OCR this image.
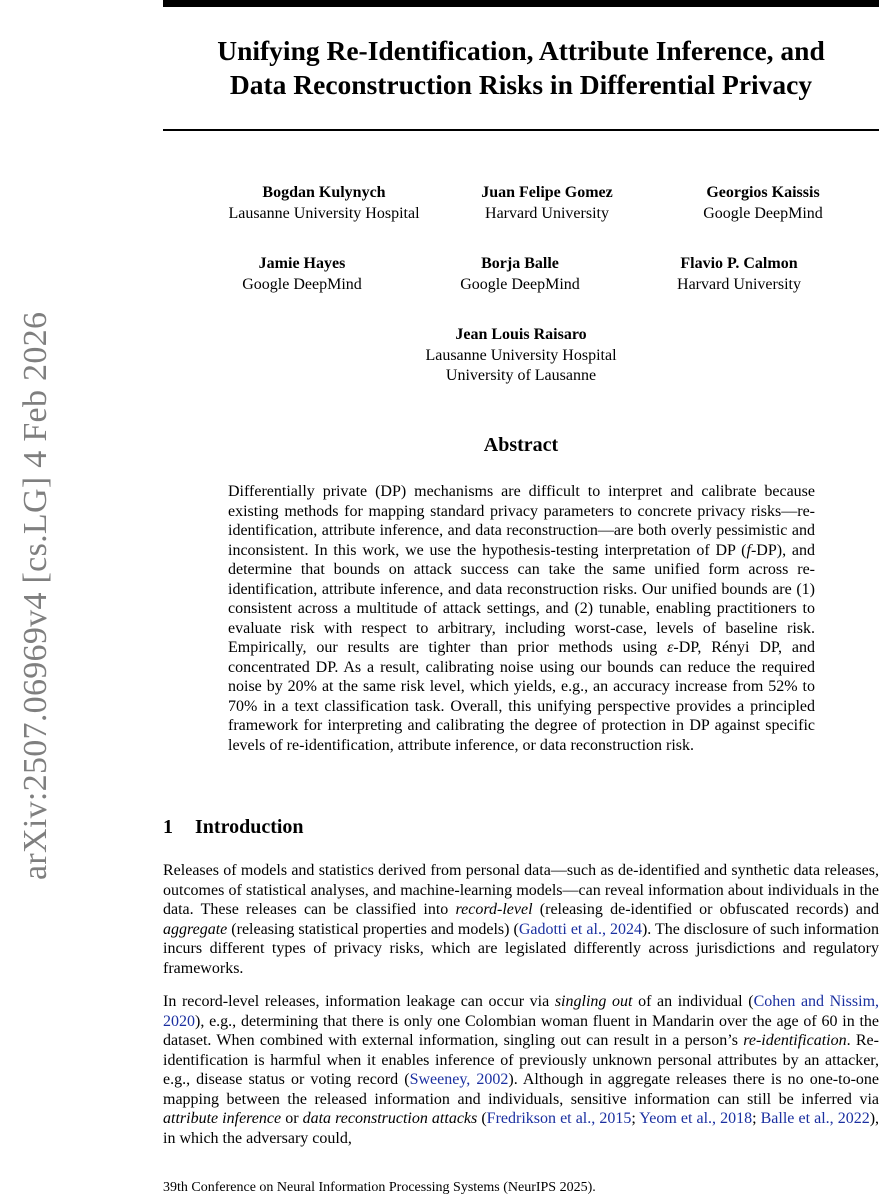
arXiv:2507.06969v4 [cs.LG] 4 Feb 2026
Unifying Re-Identification, Attribute Inference, and
Data Reconstruction Risks in Differential Privacy
Bogdan Kulynych
Lausanne University Hospital
Juan Felipe Gomez
Harvard University
Georgios Kaissis
Google DeepMind
Jamie Hayes
Google DeepMind
Borja Balle
Google DeepMind
Flavio P. Calmon
Harvard University
Jean Louis Raisaro
Lausanne University Hospital
University of Lausanne
Abstract
Differentially private (DP) mechanisms are difficult to interpret and calibrate because existing methods for mapping standard privacy parameters to concrete privacy risks—re-identification, attribute inference, and data reconstruction—are both overly pessimistic and inconsistent. In this work, we use the hypothesis-testing interpretation of DP (f-DP), and determine that bounds on attack success can take the same unified form across re-identification, attribute inference, and data reconstruction risks. Our unified bounds are (1) consistent across a multitude of attack settings, and (2) tunable, enabling practitioners to evaluate risk with respect to arbitrary, including worst-case, levels of baseline risk. Empirically, our results are tighter than prior methods using ε-DP, Rényi DP, and concentrated DP. As a result, calibrating noise using our bounds can reduce the required noise by 20% at the same risk level, which yields, e.g., an accuracy increase from 52% to 70% in a text classification task. Overall, this unifying perspective provides a principled framework for interpreting and calibrating the degree of protection in DP against specific levels of re-identification, attribute inference, or data reconstruction risk.
1 Introduction
Releases of models and statistics derived from personal data—such as de-identified and synthetic data releases, outcomes of statistical analyses, and machine-learning models—can reveal information about individuals in the data. These releases can be classified into record-level (releasing de-identified or obfuscated records) and aggregate (releasing statistical properties and models) (Gadotti et al., 2024). The disclosure of such information incurs different types of privacy risks, which are legislated differently across jurisdictions and regulatory frameworks.
In record-level releases, information leakage can occur via singling out of an individual (Cohen and Nissim, 2020), e.g., determining that there is only one Colombian woman fluent in Mandarin over the age of 60 in the dataset. When combined with external information, singling out can result in a person’s re-identification. Re-identification is harmful when it enables inference of previously unknown personal attributes by an attacker, e.g., disease status or voting record (Sweeney, 2002). Although in aggregate releases there is no one-to-one mapping between the released information and individuals, sensitive information can still be inferred via attribute inference or data reconstruction attacks (Fredrikson et al., 2015; Yeom et al., 2018; Balle et al., 2022), in which the adversary could,
39th Conference on Neural Information Processing Systems (NeurIPS 2025).
